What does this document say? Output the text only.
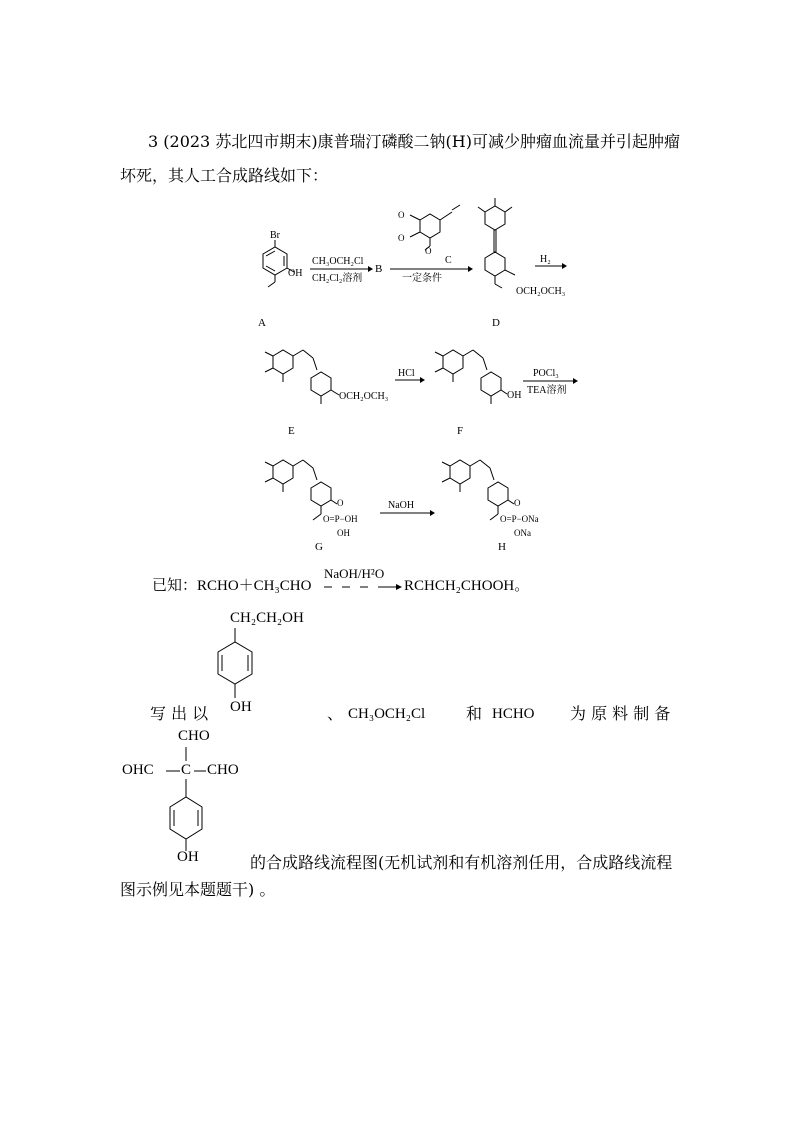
3 (2023 苏北四市期末)康普瑞汀磷酸二钠(H)可减少肿瘤血流量并引起肿瘤
坏死，其人工合成路线如下：
Br
OH
A
CH₃OCH₂Cl
CH₂Cl₂溶剂
B
O
O
O
C
一定条件
OCH₂OCH₃
D
H₂
OCH₂OCH₃
E
HCl
OH
F
POCl₃
TEA溶剂
O
O=P−OH
OH
G
NaOH	O
O=P−ONa
ONa
H
已知：RCHO＋CH₃CHO
NaOH/H²O
RCHCH₂CHOOH。
CH₂CH₂OH
OH
写 出 以	、 CH₃OCH₂Cl	和 HCHO 为 原 料 制 备
CHO
OHC C CHO
OH	的合成路线流程图(无机试剂和有机溶剂任用，合成路线流程
图示例见本题题干) 。
